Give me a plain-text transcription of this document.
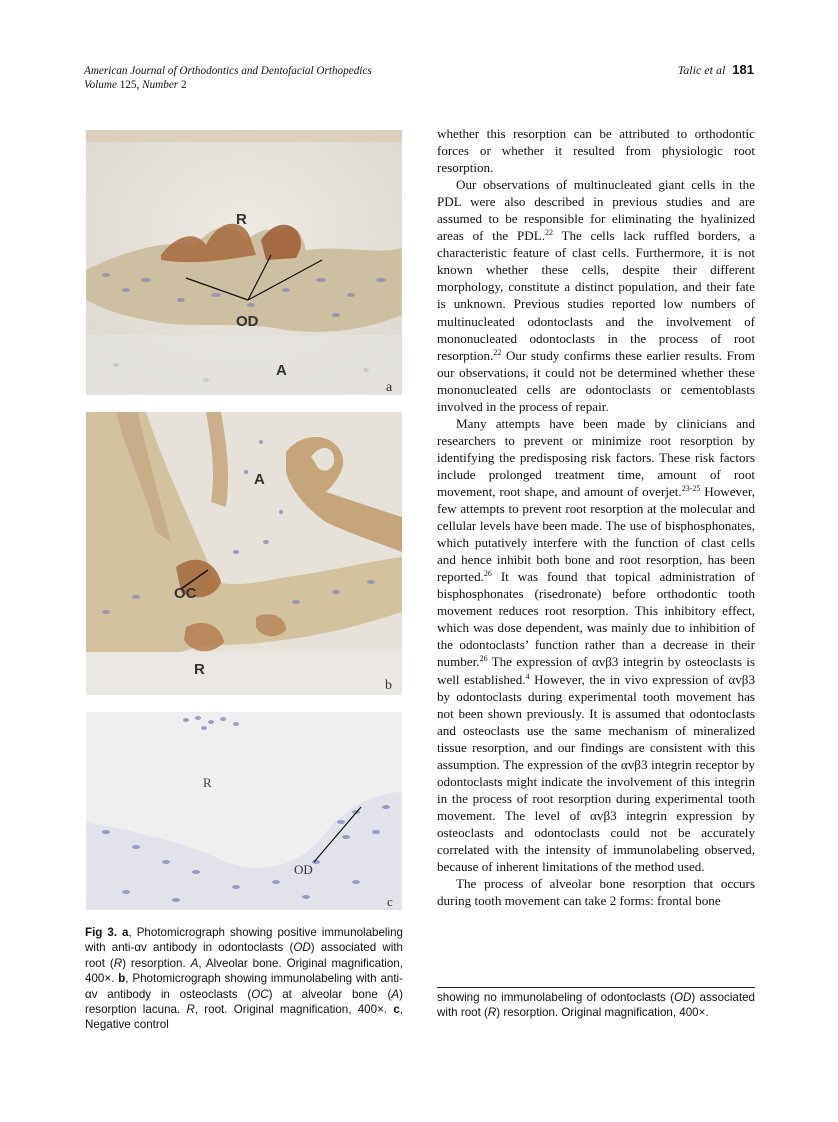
American Journal of Orthodontics and Dentofacial Orthopedics
Volume 125, Number 2
Talic et al 181
R
OD
A
a
A
OC
R
b
R
OD
c
Fig 3. a, Photomicrograph showing positive immunolabeling with anti-αv antibody in odontoclasts (OD) associated with root (R) resorption. A, Alveolar bone. Original magnification, 400×. b, Photomicrograph showing immunolabeling with anti-αv antibody in osteoclasts (OC) at alveolar bone (A) resorption lacuna. R, root. Original magnification, 400×. c, Negative control

whether this resorption can be attributed to orthodontic forces or whether it resulted from physiologic root resorption.

Our observations of multinucleated giant cells in the PDL were also described in previous studies and are assumed to be responsible for eliminating the hyalinized areas of the PDL.$^{22}$ The cells lack ruffled borders, a characteristic feature of clast cells. Furthermore, it is not known whether these cells, despite their different morphology, constitute a distinct population, and their fate is unknown. Previous studies reported low numbers of multinucleated odontoclasts and the involvement of mononucleated odontoclasts in the process of root resorption.$^{22}$ Our study confirms these earlier results. From our observations, it could not be determined whether these mononucleated cells are odontoclasts or cementoblasts involved in the process of repair.

Many attempts have been made by clinicians and researchers to prevent or minimize root resorption by identifying the predisposing risk factors. These risk factors include prolonged treatment time, amount of root movement, root shape, and amount of overjet.$^{23-25}$ However, few attempts to prevent root resorption at the molecular and cellular levels have been made. The use of bisphosphonates, which putatively interfere with the function of clast cells and hence inhibit both bone and root resorption, has been reported.$^{26}$ It was found that topical administration of bisphosphonates (risedronate) before orthodontic tooth movement reduces root resorption. This inhibitory effect, which was dose dependent, was mainly due to inhibition of the odontoclasts’ function rather than a decrease in their number.$^{26}$ The expression of αvβ3 integrin by osteoclasts is well established.$^4$ However, the in vivo expression of αvβ3 by odontoclasts during experimental tooth movement has not been shown previously. It is assumed that odontoclasts and osteoclasts use the same mechanism of mineralized tissue resorption, and our findings are consistent with this assumption. The expression of the αvβ3 integrin receptor by odontoclasts might indicate the involvement of this integrin in the process of root resorption during experimental tooth movement. The level of αvβ3 integrin expression by osteoclasts and odontoclasts could not be accurately correlated with the intensity of immunolabeling observed, because of inherent limitations of the method used.

The process of alveolar bone resorption that occurs during tooth movement can take 2 forms: frontal bone

showing no immunolabeling of odontoclasts (OD) associated with root (R) resorption. Original magnification, 400×.
